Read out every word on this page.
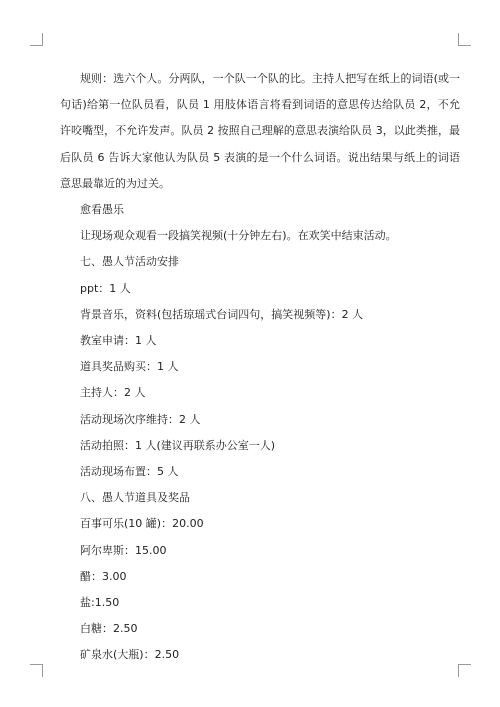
规则：选六个人。分两队，一个队一个队的比。主持人把写在纸上的词语(或一句话)给第一位队员看，队员 1 用肢体语言将看到词语的意思传达给队员 2，不允许咬嘴型，不允许发声。队员 2 按照自己理解的意思表演给队员 3，以此类推，最后队员 6 告诉大家他认为队员 5 表演的是一个什么词语。说出结果与纸上的词语意思最靠近的为过关。

愈看愚乐

让现场观众观看一段搞笑视频(十分钟左右)。在欢笑中结束活动。

七、愚人节活动安排

ppt：1 人

背景音乐，资料(包括琼瑶式台词四句，搞笑视频等)：2 人

教室申请：1 人

道具奖品购买：1 人

主持人：2 人

活动现场次序维持：2 人

活动拍照：1 人(建议再联系办公室一人)

活动现场布置：5 人

八、愚人节道具及奖品

百事可乐(10 罐)：20.00

阿尔卑斯：15.00

醋：3.00

盐:1.50

白糖：2.50

矿泉水(大瓶)：2.50
